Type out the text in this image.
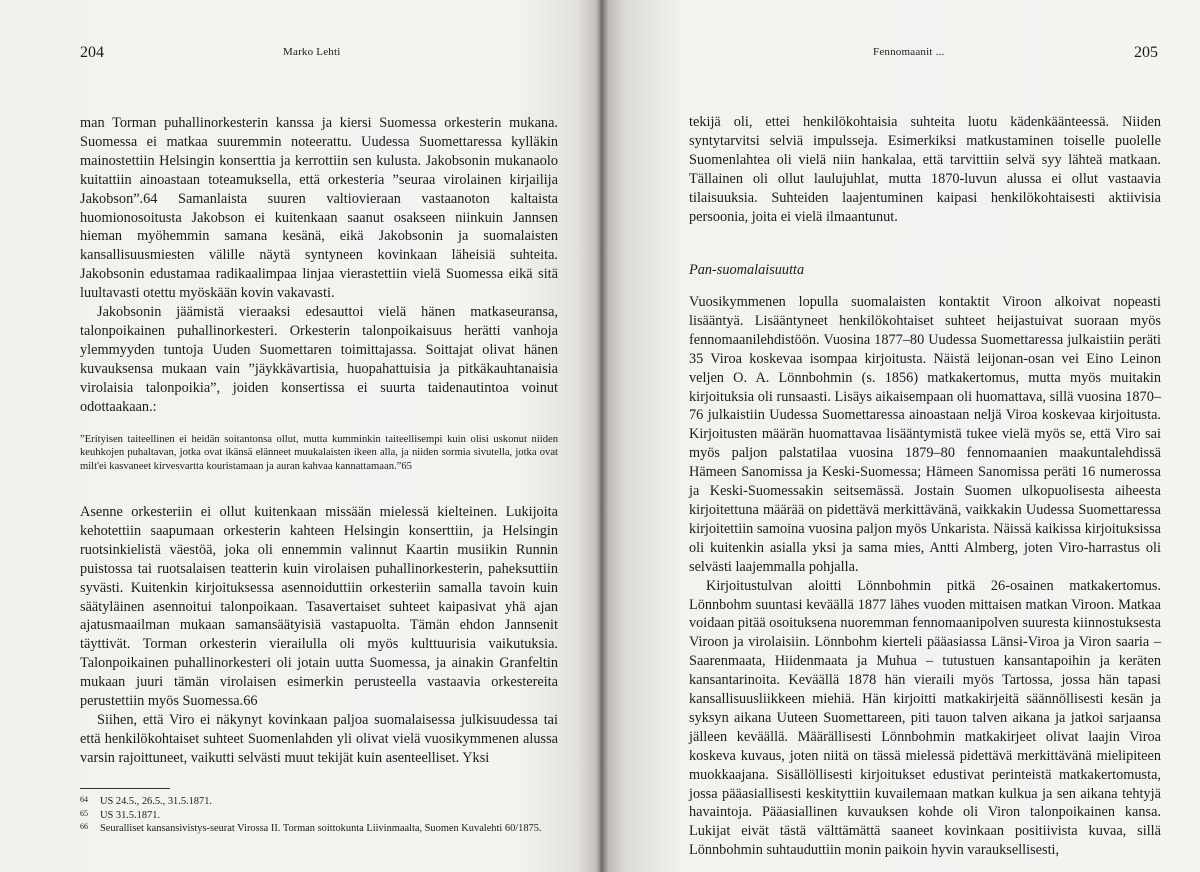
204	Marko Lehti

man Torman puhallinorkesterin kanssa ja kiersi Suomessa orkesterin mukana. Suomessa ei matkaa suuremmin noteerattu. Uudessa Suomettaressa kylläkin mainostettiin Helsingin konserttia ja kerrottiin sen kulusta. Jakobsonin mukanaolo kuitattiin ainoastaan toteamuksella, että orkesteria ”seuraa virolainen kirjailija Jakobson”.64 Samanlaista suuren valtiovieraan vastaanoton kaltaista huomionosoitusta Jakobson ei kuitenkaan saanut osakseen niinkuin Jannsen hieman myöhemmin samana kesänä, eikä Jakobsonin ja suomalaisten kansallisuusmiesten välille näytä syntyneen kovinkaan läheisiä suhteita. Jakobsonin edustamaa radikaalimpaa linjaa vierastettiin vielä Suomessa eikä sitä luultavasti otettu myöskään kovin vakavasti.

Jakobsonin jäämistä vieraaksi edesauttoi vielä hänen matkaseuransa, talonpoikainen puhallinorkesteri. Orkesterin talonpoikaisuus herätti vanhoja ylemmyyden tuntoja Uuden Suomettaren toimittajassa. Soittajat olivat hänen kuvauksensa mukaan vain ”jäykkävartisia, huopahattuisia ja pitkäkauhtanaisia virolaisia talonpoikia”, joiden konsertissa ei suurta taidenautintoa voinut odottaakaan.:

”Erityisen taiteellinen ei heidän soitantonsa ollut, mutta kumminkin taiteellisempi kuin olisi uskonut niiden keuhkojen puhaltavan, jotka ovat ikänsä elänneet muukalaisten ikeen alla, ja niiden sormia sivutella, jotka ovat milt'ei kasvaneet kirvesvartta kouristamaan ja auran kahvaa kannattamaan.”65

Asenne orkesteriin ei ollut kuitenkaan missään mielessä kielteinen. Lukijoita kehotettiin saapumaan orkesterin kahteen Helsingin konserttiin, ja Helsingin ruotsinkielistä väestöä, joka oli ennemmin valinnut Kaartin musiikin Runnin puistossa tai ruotsalaisen teatterin kuin virolaisen puhallinorkesterin, paheksuttiin syvästi. Kuitenkin kirjoituksessa asennoiduttiin orkesteriin samalla tavoin kuin säätyläinen asennoitui talonpoikaan. Tasavertaiset suhteet kaipasivat yhä ajan ajatusmaailman mukaan samansäätyisiä vastapuolta. Tämän ehdon Jannsenit täyttivät. Torman orkesterin vierailulla oli myös kulttuurisia vaikutuksia. Talonpoikainen puhallinorkesteri oli jotain uutta Suomessa, ja ainakin Granfeltin mukaan juuri tämän virolaisen esimerkin perusteella vastaavia orkestereita perustettiin myös Suomessa.66

Siihen, että Viro ei näkynyt kovinkaan paljoa suomalaisessa julkisuudessa tai että henkilökohtaiset suhteet Suomenlahden yli olivat vielä vuosikymmenen alussa varsin rajoittuneet, vaikutti selvästi muut tekijät kuin asenteelliset. Yksi

64	US 24.5., 26.5., 31.5.1871.
65	US 31.5.1871.
66	Seuralliset kansansivistys-seurat Virossa II. Torman soittokunta Liivinmaalta, Suomen Kuvalehti 60/1875.
Fennomaanit ...	205

tekijä oli, ettei henkilökohtaisia suhteita luotu kädenkäänteessä. Niiden syntytarvitsi selviä impulsseja. Esimerkiksi matkustaminen toiselle puolelle Suomenlahtea oli vielä niin hankalaa, että tarvittiin selvä syy lähteä matkaan. Tällainen oli ollut laulujuhlat, mutta 1870-luvun alussa ei ollut vastaavia tilaisuuksia. Suhteiden laajentuminen kaipasi henkilökohtaisesti aktiivisia persoonia, joita ei vielä ilmaantunut.

Pan-suomalaisuutta

Vuosikymmenen lopulla suomalaisten kontaktit Viroon alkoivat nopeasti lisääntyä. Lisääntyneet henkilökohtaiset suhteet heijastuivat suoraan myös fennomaanilehdistöön. Vuosina 1877–80 Uudessa Suomettaressa julkaistiin peräti 35 Viroa koskevaa isompaa kirjoitusta. Näistä leijonan-osan vei Eino Leinon veljen O. A. Lönnbohmin (s. 1856) matkakertomus, mutta myös muitakin kirjoituksia oli runsaasti. Lisäys aikaisempaan oli huomattava, sillä vuosina 1870–76 julkaistiin Uudessa Suomettaressa ainoastaan neljä Viroa koskevaa kirjoitusta. Kirjoitusten määrän huomattavaa lisääntymistä tukee vielä myös se, että Viro sai myös paljon palstatilaa vuosina 1879–80 fennomaanien maakuntalehdissä Hämeen Sanomissa ja Keski-Suomessa; Hämeen Sanomissa peräti 16 numerossa ja Keski-Suomessakin seitsemässä. Jostain Suomen ulkopuolisesta aiheesta kirjoitettuna määrää on pidettävä merkittävänä, vaikkakin Uudessa Suomettaressa kirjoitettiin samoina vuosina paljon myös Unkarista. Näissä kaikissa kirjoituksissa oli kuitenkin asialla yksi ja sama mies, Antti Almberg, joten Viro-harrastus oli selvästi laajemmalla pohjalla.

Kirjoitustulvan aloitti Lönnbohmin pitkä 26-osainen matkakertomus. Lönnbohm suuntasi keväällä 1877 lähes vuoden mittaisen matkan Viroon. Matkaa voidaan pitää osoituksena nuoremman fennomaanipolven suuresta kiinnostuksesta Viroon ja virolaisiin. Lönnbohm kierteli pääasiassa Länsi-Viroa ja Viron saaria – Saarenmaata, Hiidenmaata ja Muhua – tutustuen kansantapoihin ja keräten kansantarinoita. Keväällä 1878 hän vieraili myös Tartossa, jossa hän tapasi kansallisuusliikkeen miehiä. Hän kirjoitti matkakirjeitä säännöllisesti kesän ja syksyn aikana Uuteen Suomettareen, piti tauon talven aikana ja jatkoi sarjaansa jälleen keväällä. Määrällisesti Lönnbohmin matkakirjeet olivat laajin Viroa koskeva kuvaus, joten niitä on tässä mielessä pidettävä merkittävänä mielipiteen muokkaajana. Sisällöllisesti kirjoitukset edustivat perinteistä matkakertomusta, jossa pääasiallisesti keskityttiin kuvailemaan matkan kulkua ja sen aikana tehtyjä havaintoja. Pääasiallinen kuvauksen kohde oli Viron talonpoikainen kansa. Lukijat eivät tästä välttämättä saaneet kovinkaan positiivista kuvaa, sillä Lönnbohmin suhtauduttiin monin paikoin hyvin varauksellisesti,
